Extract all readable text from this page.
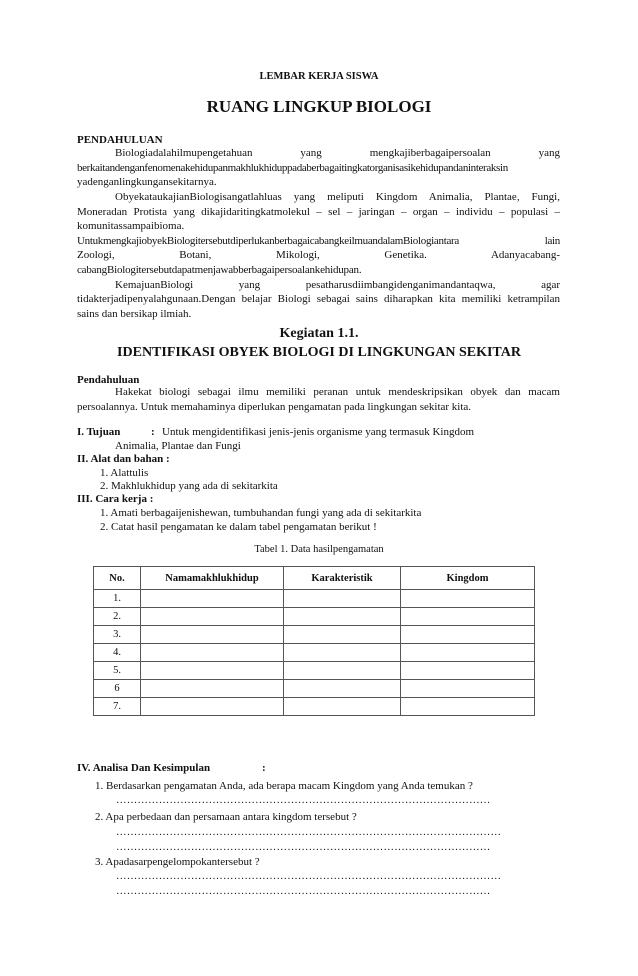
LEMBAR KERJA SISWA
RUANG LINGKUP BIOLOGI
PENDAHULUAN
Biologiadalahilmupengetahuan yang mengkajiberbagaipersoalan yang
berkaitandenganfenomenakehidupanmakhlukhiduppadaberbagaitingkatorganisasikehidupandaninteraksin
yadenganlingkungansekitarnya.
ObyekataukajianBiologisangatlahluas yang meliputi Kingdom Animalia, Plantae, Fungi,
Moneradan Protista yang dikajidaritingkatmolekul – sel – jaringan – organ – individu – populasi –
komunitassampaibioma.
UntukmengkajiobyekBiologitersebutdiperlukanberbagaicabangkeilmuandalamBiologiantara lain
Zoologi, Botani, Mikologi, Genetika. Adanyacabang-
cabangBiologitersebutdapatmenjawabberbagaipersoalankehidupan.
KemajuanBiologi yang pesatharusdiimbangidenganimandantaqwa, agar
tidakterjadipenyalahgunaan.Dengan belajar Biologi sebagai sains diharapkan kita memiliki ketrampilan
sains dan bersikap ilmiah.
Kegiatan 1.1.
IDENTIFIKASI OBYEK BIOLOGI DI LINGKUNGAN SEKITAR
Pendahuluan
Hakekat biologi sebagai ilmu memiliki peranan untuk mendeskripsikan obyek dan macam
persoalannya. Untuk memahaminya diperlukan pengamatan pada lingkungan sekitar kita.
I. Tujuan	: Untuk mengidentifikasi jenis-jenis organisme yang termasuk Kingdom
Animalia, Plantae dan Fungi
II. Alat dan bahan :
1. Alattulis
2. Makhlukhidup yang ada di sekitarkita
III. Cara kerja :
1. Amati berbagaijenishewan, tumbuhandan fungi yang ada di sekitarkita
2. Catat hasil pengamatan ke dalam tabel pengamatan berikut !
Tabel 1. Data hasilpengamatan
No.	Namamakhlukhidup	Karakteristik	Kingdom
1.			
2.			
3.			
4.			
5.			
6			
7.			
IV. Analisa Dan Kesimpulan	:
1. Berdasarkan pengamatan Anda, ada berapa macam Kingdom yang Anda temukan ?
……………………………………………………………………………………………
2. Apa perbedaan dan persamaan antara kingdom tersebut ?
………………………………………………………………………………………………
……………………………………………………………………………………………
3. Apadasarpengelompokantersebut ?
………………………………………………………………………………………………
……………………………………………………………………………………………
